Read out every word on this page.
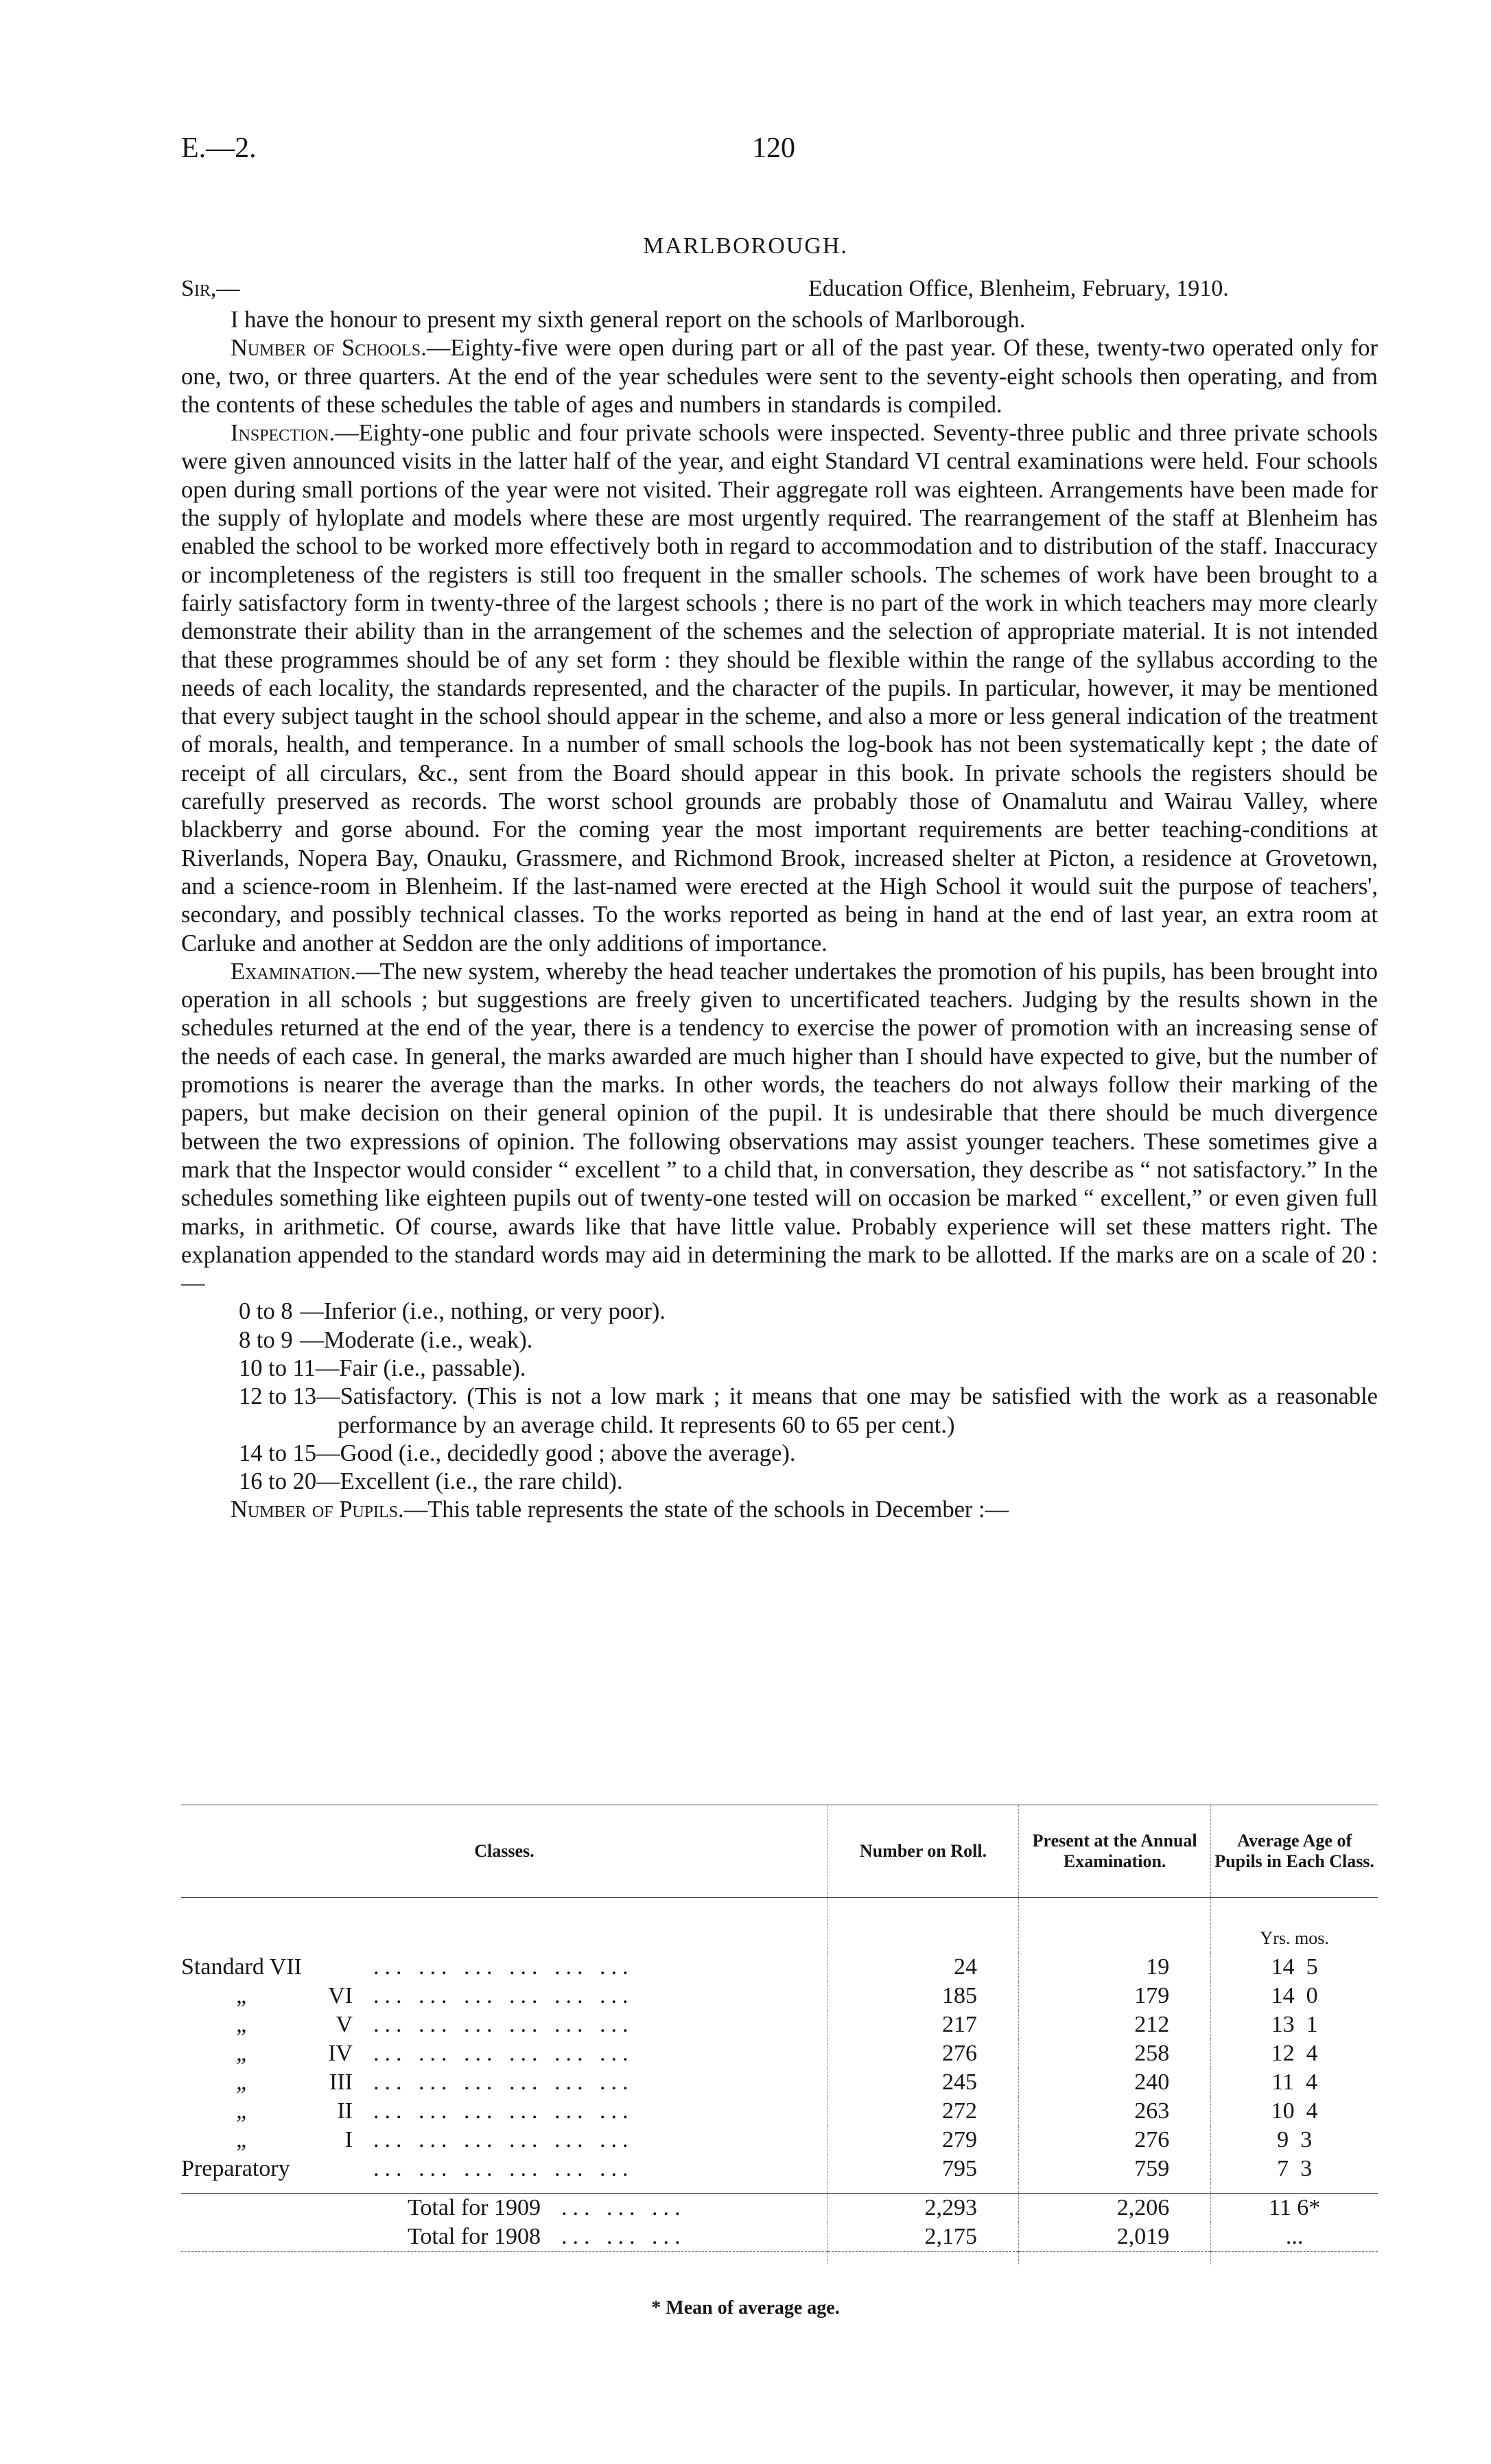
E.—2.	120
MARLBOROUGH.
Sir,—	Education Office, Blenheim, February, 1910.

I have the honour to present my sixth general report on the schools of Marlborough.

Number of Schools.—Eighty-five were open during part or all of the past year. Of these, twenty-two operated only for one, two, or three quarters. At the end of the year schedules were sent to the seventy-eight schools then operating, and from the contents of these schedules the table of ages and numbers in standards is compiled.

Inspection.—Eighty-one public and four private schools were inspected. Seventy-three public and three private schools were given announced visits in the latter half of the year, and eight Standard VI central examinations were held. Four schools open during small portions of the year were not visited. Their aggregate roll was eighteen. Arrangements have been made for the supply of hyloplate and models where these are most urgently required. The rearrangement of the staff at Blenheim has enabled the school to be worked more effectively both in regard to accommodation and to distribution of the staff. Inaccuracy or incompleteness of the registers is still too frequent in the smaller schools. The schemes of work have been brought to a fairly satisfactory form in twenty-three of the largest schools ; there is no part of the work in which teachers may more clearly demonstrate their ability than in the arrangement of the schemes and the selection of appropriate material. It is not intended that these programmes should be of any set form : they should be flexible within the range of the syllabus according to the needs of each locality, the standards represented, and the character of the pupils. In particular, however, it may be mentioned that every subject taught in the school should appear in the scheme, and also a more or less general indication of the treatment of morals, health, and temperance. In a number of small schools the log-book has not been systematically kept ; the date of receipt of all circulars, &c., sent from the Board should appear in this book. In private schools the registers should be carefully preserved as records. The worst school grounds are probably those of Onamalutu and Wairau Valley, where blackberry and gorse abound. For the coming year the most important requirements are better teaching-conditions at Riverlands, Nopera Bay, Onauku, Grassmere, and Richmond Brook, increased shelter at Picton, a residence at Grovetown, and a science-room in Blenheim. If the last-named were erected at the High School it would suit the purpose of teachers', secondary, and possibly technical classes. To the works reported as being in hand at the end of last year, an extra room at Carluke and another at Seddon are the only additions of importance.

Examination.—The new system, whereby the head teacher undertakes the promotion of his pupils, has been brought into operation in all schools ; but suggestions are freely given to uncertificated teachers. Judging by the results shown in the schedules returned at the end of the year, there is a tendency to exercise the power of promotion with an increasing sense of the needs of each case. In general, the marks awarded are much higher than I should have expected to give, but the number of promotions is nearer the average than the marks. In other words, the teachers do not always follow their marking of the papers, but make decision on their general opinion of the pupil. It is undesirable that there should be much divergence between the two expressions of opinion. The following observations may assist younger teachers. These sometimes give a mark that the Inspector would consider “ excellent ” to a child that, in conversation, they describe as “ not satisfactory.” In the schedules something like eighteen pupils out of twenty-one tested will on occasion be marked “ excellent,” or even given full marks, in arithmetic. Of course, awards like that have little value. Probably experience will set these matters right. The explanation appended to the standard words may aid in determining the mark to be allotted. If the marks are on a scale of 20 :—

0 to 8 —Inferior (i.e., nothing, or very poor).
8 to 9 —Moderate (i.e., weak).
10 to 11—Fair (i.e., passable).
12 to 13—Satisfactory. (This is not a low mark ; it means that one may be satisfied with the work as a reasonable performance by an average child. It represents 60 to 65 per cent.)
14 to 15—Good (i.e., decidedly good ; above the average).
16 to 20—Excellent (i.e., the rare child).

Number of Pupils.—This table represents the state of the schools in December :—

Classes.	Number on Roll.	Present at the Annual Examination.	Average Age of Pupils in Each Class.
			Yrs. mos.
Standard VII ... ... ... ... ... ...	24	19	14 5
„ VI ... ... ... ... ... ...	185	179	14 0
„ V ... ... ... ... ... ...	217	212	13 1
„ IV ... ... ... ... ... ...	276	258	12 4
„ III ... ... ... ... ... ...	245	240	11 4
„ II ... ... ... ... ... ...	272	263	10 4
„ I ... ... ... ... ... ...	279	276	9 3
Preparatory ... ... ... ... ... ...	795	759	7 3

Total for 1909 ... ... ...	2,293	2,206	11 6*
Total for 1908 ... ... ...	2,175	2,019	...

* Mean of average age.
